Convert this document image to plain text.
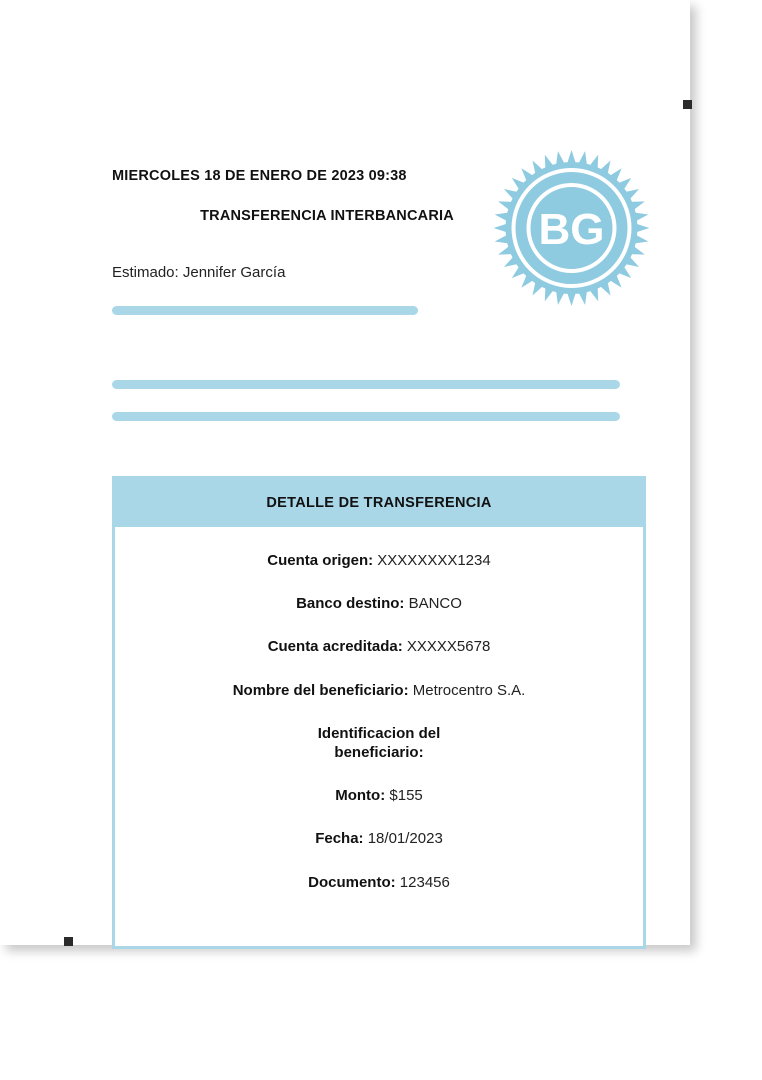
MIERCOLES 18 DE ENERO DE 2023 09:38
TRANSFERENCIA INTERBANCARIA
Estimado: Jennifer García
BG
DETALLE DE TRANSFERENCIA
Cuenta origen: XXXXXXXX1234
Banco destino: BANCO
Cuenta acreditada: XXXXX5678
Nombre del beneficiario: Metrocentro S.A.
Identificacion del beneficiario:
Monto: $155
Fecha: 18/01/2023
Documento: 123456
